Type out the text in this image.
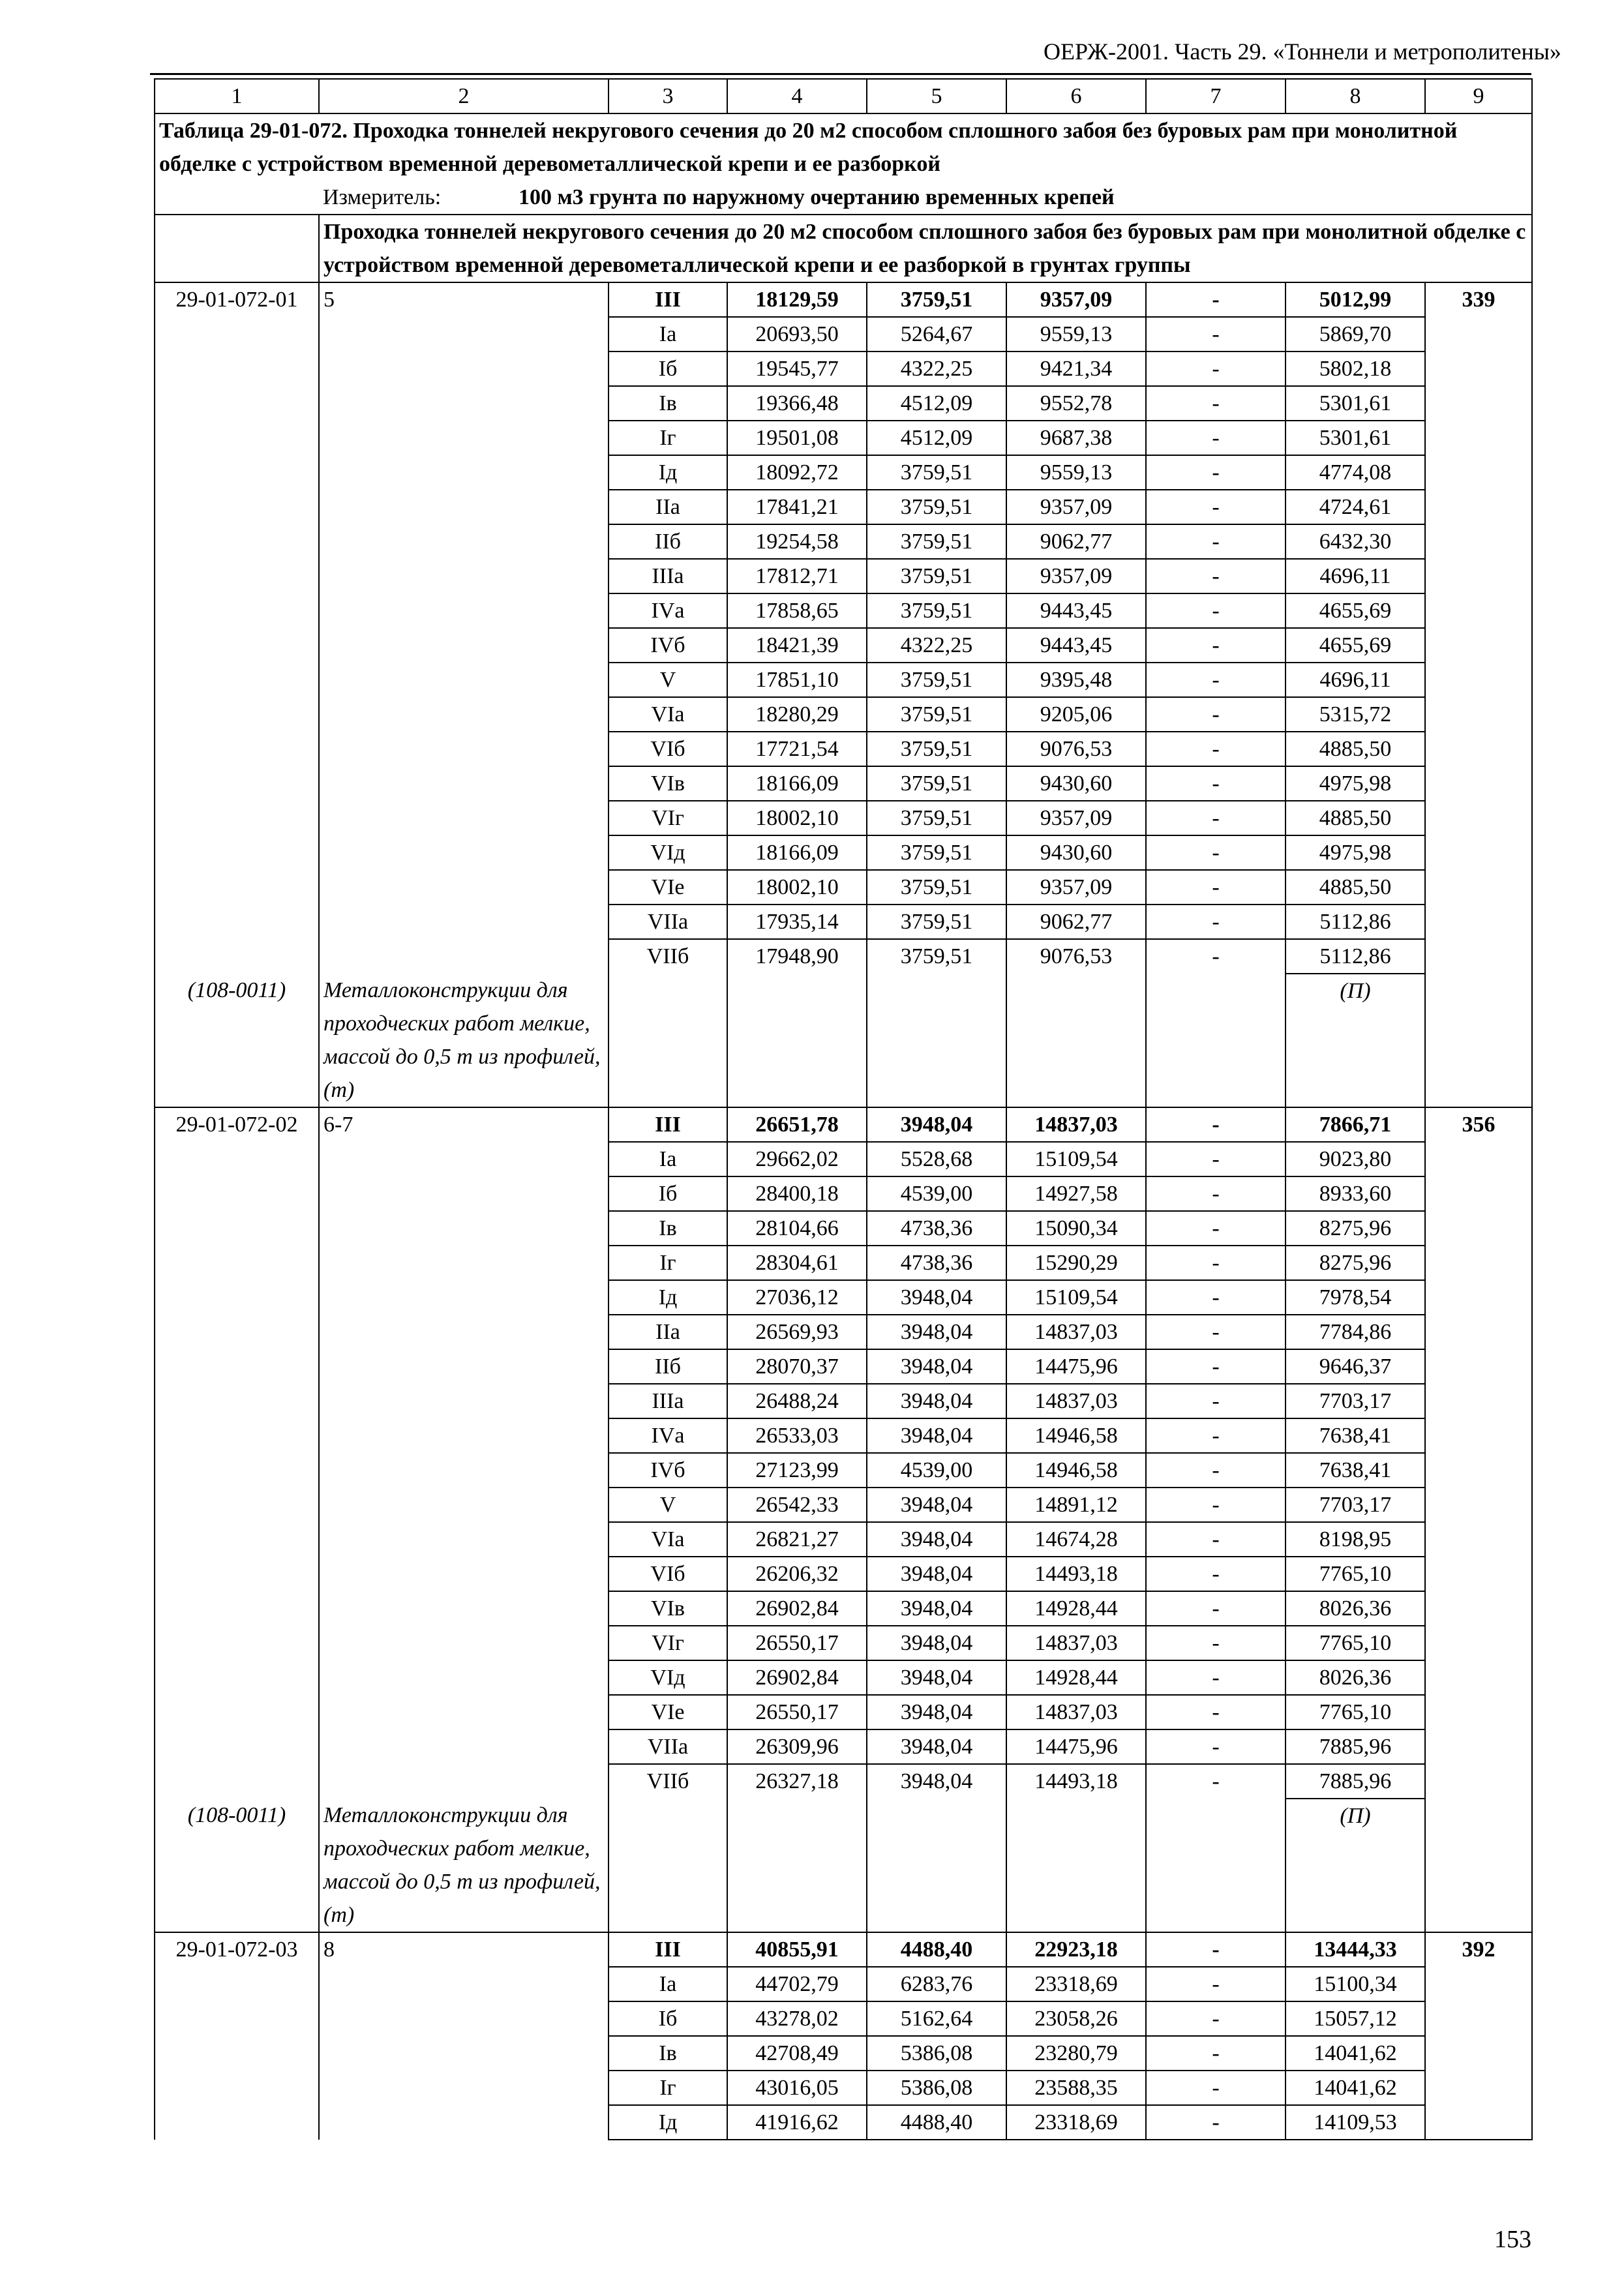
ОЕРЖ-2001. Часть 29. «Тоннели и метрополитены»
1	2	3	4	5	6	7	8	9
Таблица 29-01-072. Проходка тоннелей некругового сечения до 20 м2 способом сплошного забоя без буровых рам при монолитной обделке с устройством временной деревометаллической крепи и ее разборкой								
	Измеритель: 100 м3 грунта по наружному очертанию временных крепей							
	Проходка тоннелей некругового сечения до 20 м2 способом сплошного забоя без буровых рам при монолитной обделке с устройством временной деревометаллической крепи и ее разборкой в грунтах группы							
29-01-072-01	5	III	18129,59	3759,51	9357,09	-	5012,99	339
		Iа	20693,50	5264,67	9559,13	-	5869,70	
		Iб	19545,77	4322,25	9421,34	-	5802,18	
		Iв	19366,48	4512,09	9552,78	-	5301,61	
		Iг	19501,08	4512,09	9687,38	-	5301,61	
		Iд	18092,72	3759,51	9559,13	-	4774,08	
		IIа	17841,21	3759,51	9357,09	-	4724,61	
		IIб	19254,58	3759,51	9062,77	-	6432,30	
		IIIа	17812,71	3759,51	9357,09	-	4696,11	
		IVа	17858,65	3759,51	9443,45	-	4655,69	
		IVб	18421,39	4322,25	9443,45	-	4655,69	
		V	17851,10	3759,51	9395,48	-	4696,11	
		VIа	18280,29	3759,51	9205,06	-	5315,72	
		VIб	17721,54	3759,51	9076,53	-	4885,50	
		VIв	18166,09	3759,51	9430,60	-	4975,98	
		VIг	18002,10	3759,51	9357,09	-	4885,50	
		VIд	18166,09	3759,51	9430,60	-	4975,98	
		VIе	18002,10	3759,51	9357,09	-	4885,50	
		VIIа	17935,14	3759,51	9062,77	-	5112,86	
		VIIб	17948,90	3759,51	9076,53	-	5112,86	
(108-0011)	Металлоконструкции для проходческих работ мелкие, массой до 0,5 т из профилей, (т)						(П)	
29-01-072-02	6-7	III	26651,78	3948,04	14837,03	-	7866,71	356
		Iа	29662,02	5528,68	15109,54	-	9023,80	
		Iб	28400,18	4539,00	14927,58	-	8933,60	
		Iв	28104,66	4738,36	15090,34	-	8275,96	
		Iг	28304,61	4738,36	15290,29	-	8275,96	
		Iд	27036,12	3948,04	15109,54	-	7978,54	
		IIа	26569,93	3948,04	14837,03	-	7784,86	
		IIб	28070,37	3948,04	14475,96	-	9646,37	
		IIIа	26488,24	3948,04	14837,03	-	7703,17	
		IVа	26533,03	3948,04	14946,58	-	7638,41	
		IVб	27123,99	4539,00	14946,58	-	7638,41	
		V	26542,33	3948,04	14891,12	-	7703,17	
		VIа	26821,27	3948,04	14674,28	-	8198,95	
		VIб	26206,32	3948,04	14493,18	-	7765,10	
		VIв	26902,84	3948,04	14928,44	-	8026,36	
		VIг	26550,17	3948,04	14837,03	-	7765,10	
		VIд	26902,84	3948,04	14928,44	-	8026,36	
		VIе	26550,17	3948,04	14837,03	-	7765,10	
		VIIа	26309,96	3948,04	14475,96	-	7885,96	
		VIIб	26327,18	3948,04	14493,18	-	7885,96	
(108-0011)	Металлоконструкции для проходческих работ мелкие, массой до 0,5 т из профилей, (т)						(П)	
29-01-072-03	8	III	40855,91	4488,40	22923,18	-	13444,33	392
		Iа	44702,79	6283,76	23318,69	-	15100,34	
		Iб	43278,02	5162,64	23058,26	-	15057,12	
		Iв	42708,49	5386,08	23280,79	-	14041,62	
		Iг	43016,05	5386,08	23588,35	-	14041,62	
		Iд	41916,62	4488,40	23318,69	-	14109,53	
153
